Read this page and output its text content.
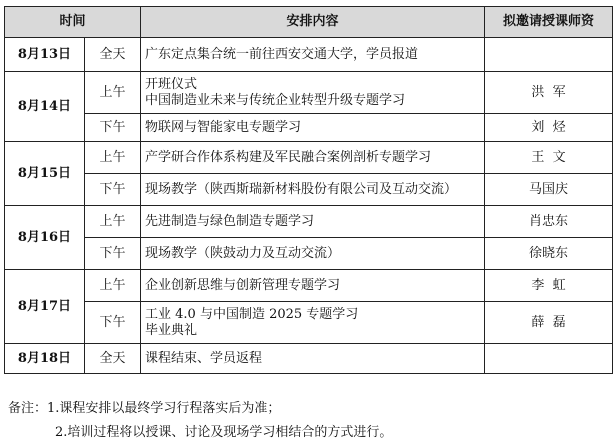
时间		安排内容	拟邀请授课师资
8月13日	全天	广东定点集合统一前往西安交通大学，学员报道	

8月14日	上午	开班仪式
中国制造业未来与传统企业转型升级专题学习	洪  军

	下午	物联网与智能家电专题学习	刘  烃

8月15日	上午	产学研合作体系构建及军民融合案例剖析专题学习	王  文

	下午	现场教学（陕西斯瑞新材料股份有限公司及互动交流）	马国庆

8月16日	上午	先进制造与绿色制造专题学习	肖忠东

	下午	现场教学（陕鼓动力及互动交流）	徐晓东

8月17日	上午	企业创新思维与创新管理专题学习	李  虹

	下午	工业 4.0 与中国制造 2025 专题学习
毕业典礼	薛  磊

8月18日	全天	课程结束、学员返程	

备注：1.课程安排以最终学习行程落实后为准；
2.培训过程将以授课、讨论及现场学习相结合的方式进行。
